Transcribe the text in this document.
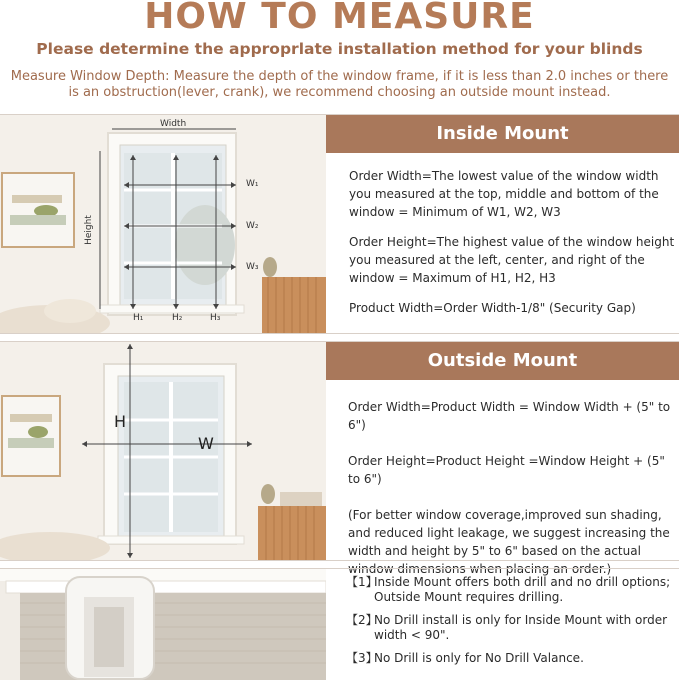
HOW TO MEASURE
Please determine the approprlate installation method for your blinds
Measure Window Depth: Measure the depth of the window frame, if it is less than 2.0 inches or there is an obstruction(lever, crank), we recommend choosing an outside mount instead.
Width
Height
W₁
W₂
W₃
H₁	H₂	H₃
Inside Mount

Order Width=The lowest value of the window width you measured at the top, middle and bottom of the window = Minimum of W1, W2, W3

Order Height=The highest value of the window height you measured at the left, center, and right of the window = Maximum of H1, H2, H3

Product Width=Order Width-1/8" (Security Gap)

H
W
Outside Mount

Order Width=Product Width = Window Width + (5" to 6")

Order Height=Product Height =Window Height + (5" to 6")

(For better window coverage,improved sun shading, and reduced light leakage, we suggest increasing the width and height by 5" to 6" based on the actual window dimensions when placing an order.)

【1】
Inside Mount offers both drill and no drill options; Outside Mount requires drilling.
【2】
No Drill install is only for Inside Mount with order width < 90".
【3】
No Drill is only for No Drill Valance.
